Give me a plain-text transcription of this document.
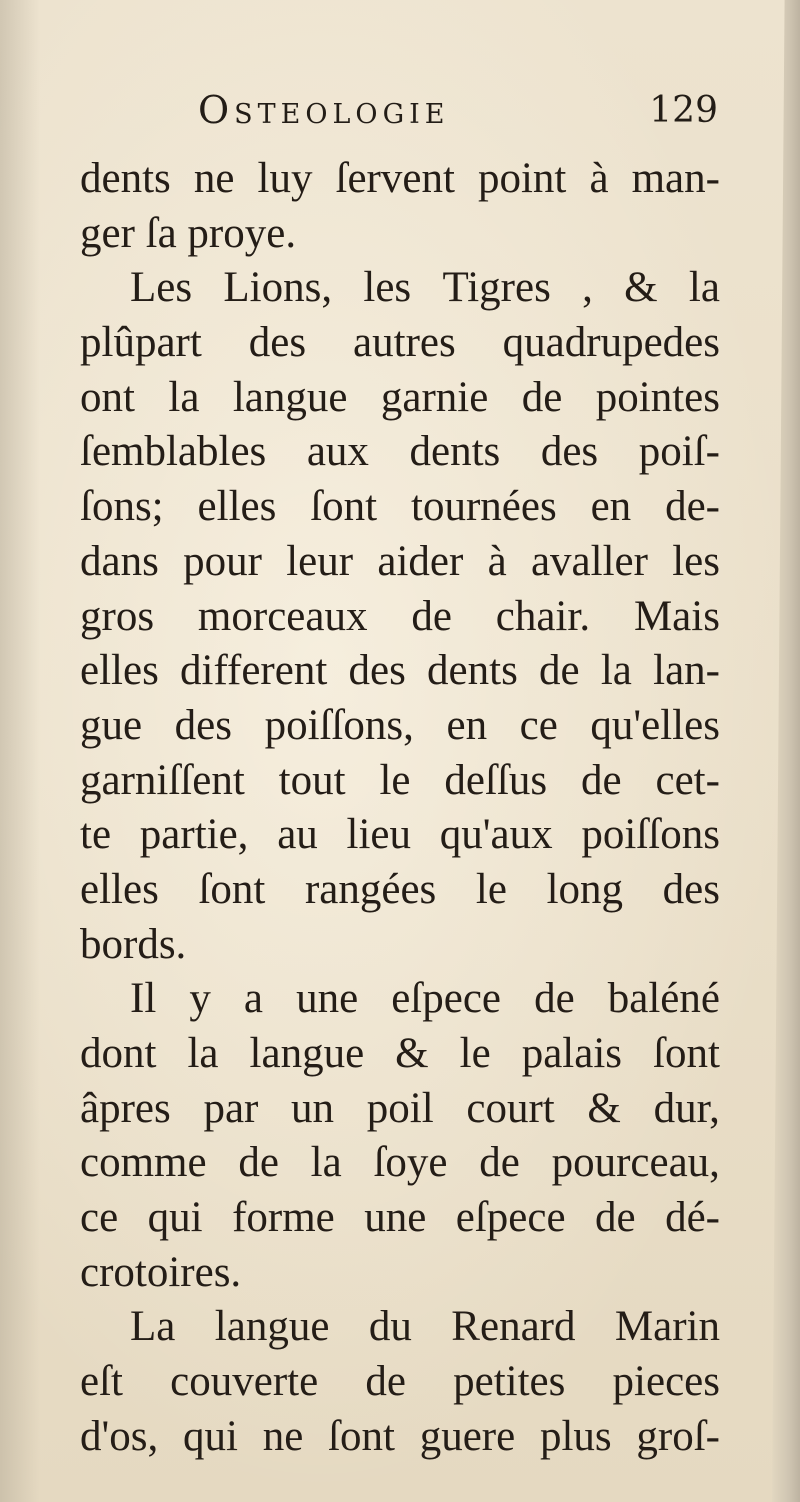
Osteologie	129
dents ne luy ſervent point à man-
ger ſa proye.
Les Lions, les Tigres , & la
plûpart des autres quadrupedes
ont la langue garnie de pointes
ſemblables aux dents des poiſ-
ſons; elles ſont tournées en de-
dans pour leur aider à avaller les
gros morceaux de chair. Mais
elles different des dents de la lan-
gue des poiſſons, en ce qu'elles
garniſſent tout le deſſus de cet-
te partie, au lieu qu'aux poiſſons
elles ſont rangées le long des
bords.
Il y a une eſpece de baléné
dont la langue & le palais ſont
âpres par un poil court & dur,
comme de la ſoye de pourceau,
ce qui forme une eſpece de dé-
crotoires.
La langue du Renard Marin
eſt couverte de petites pieces
d'os, qui ne ſont guere plus groſ-
